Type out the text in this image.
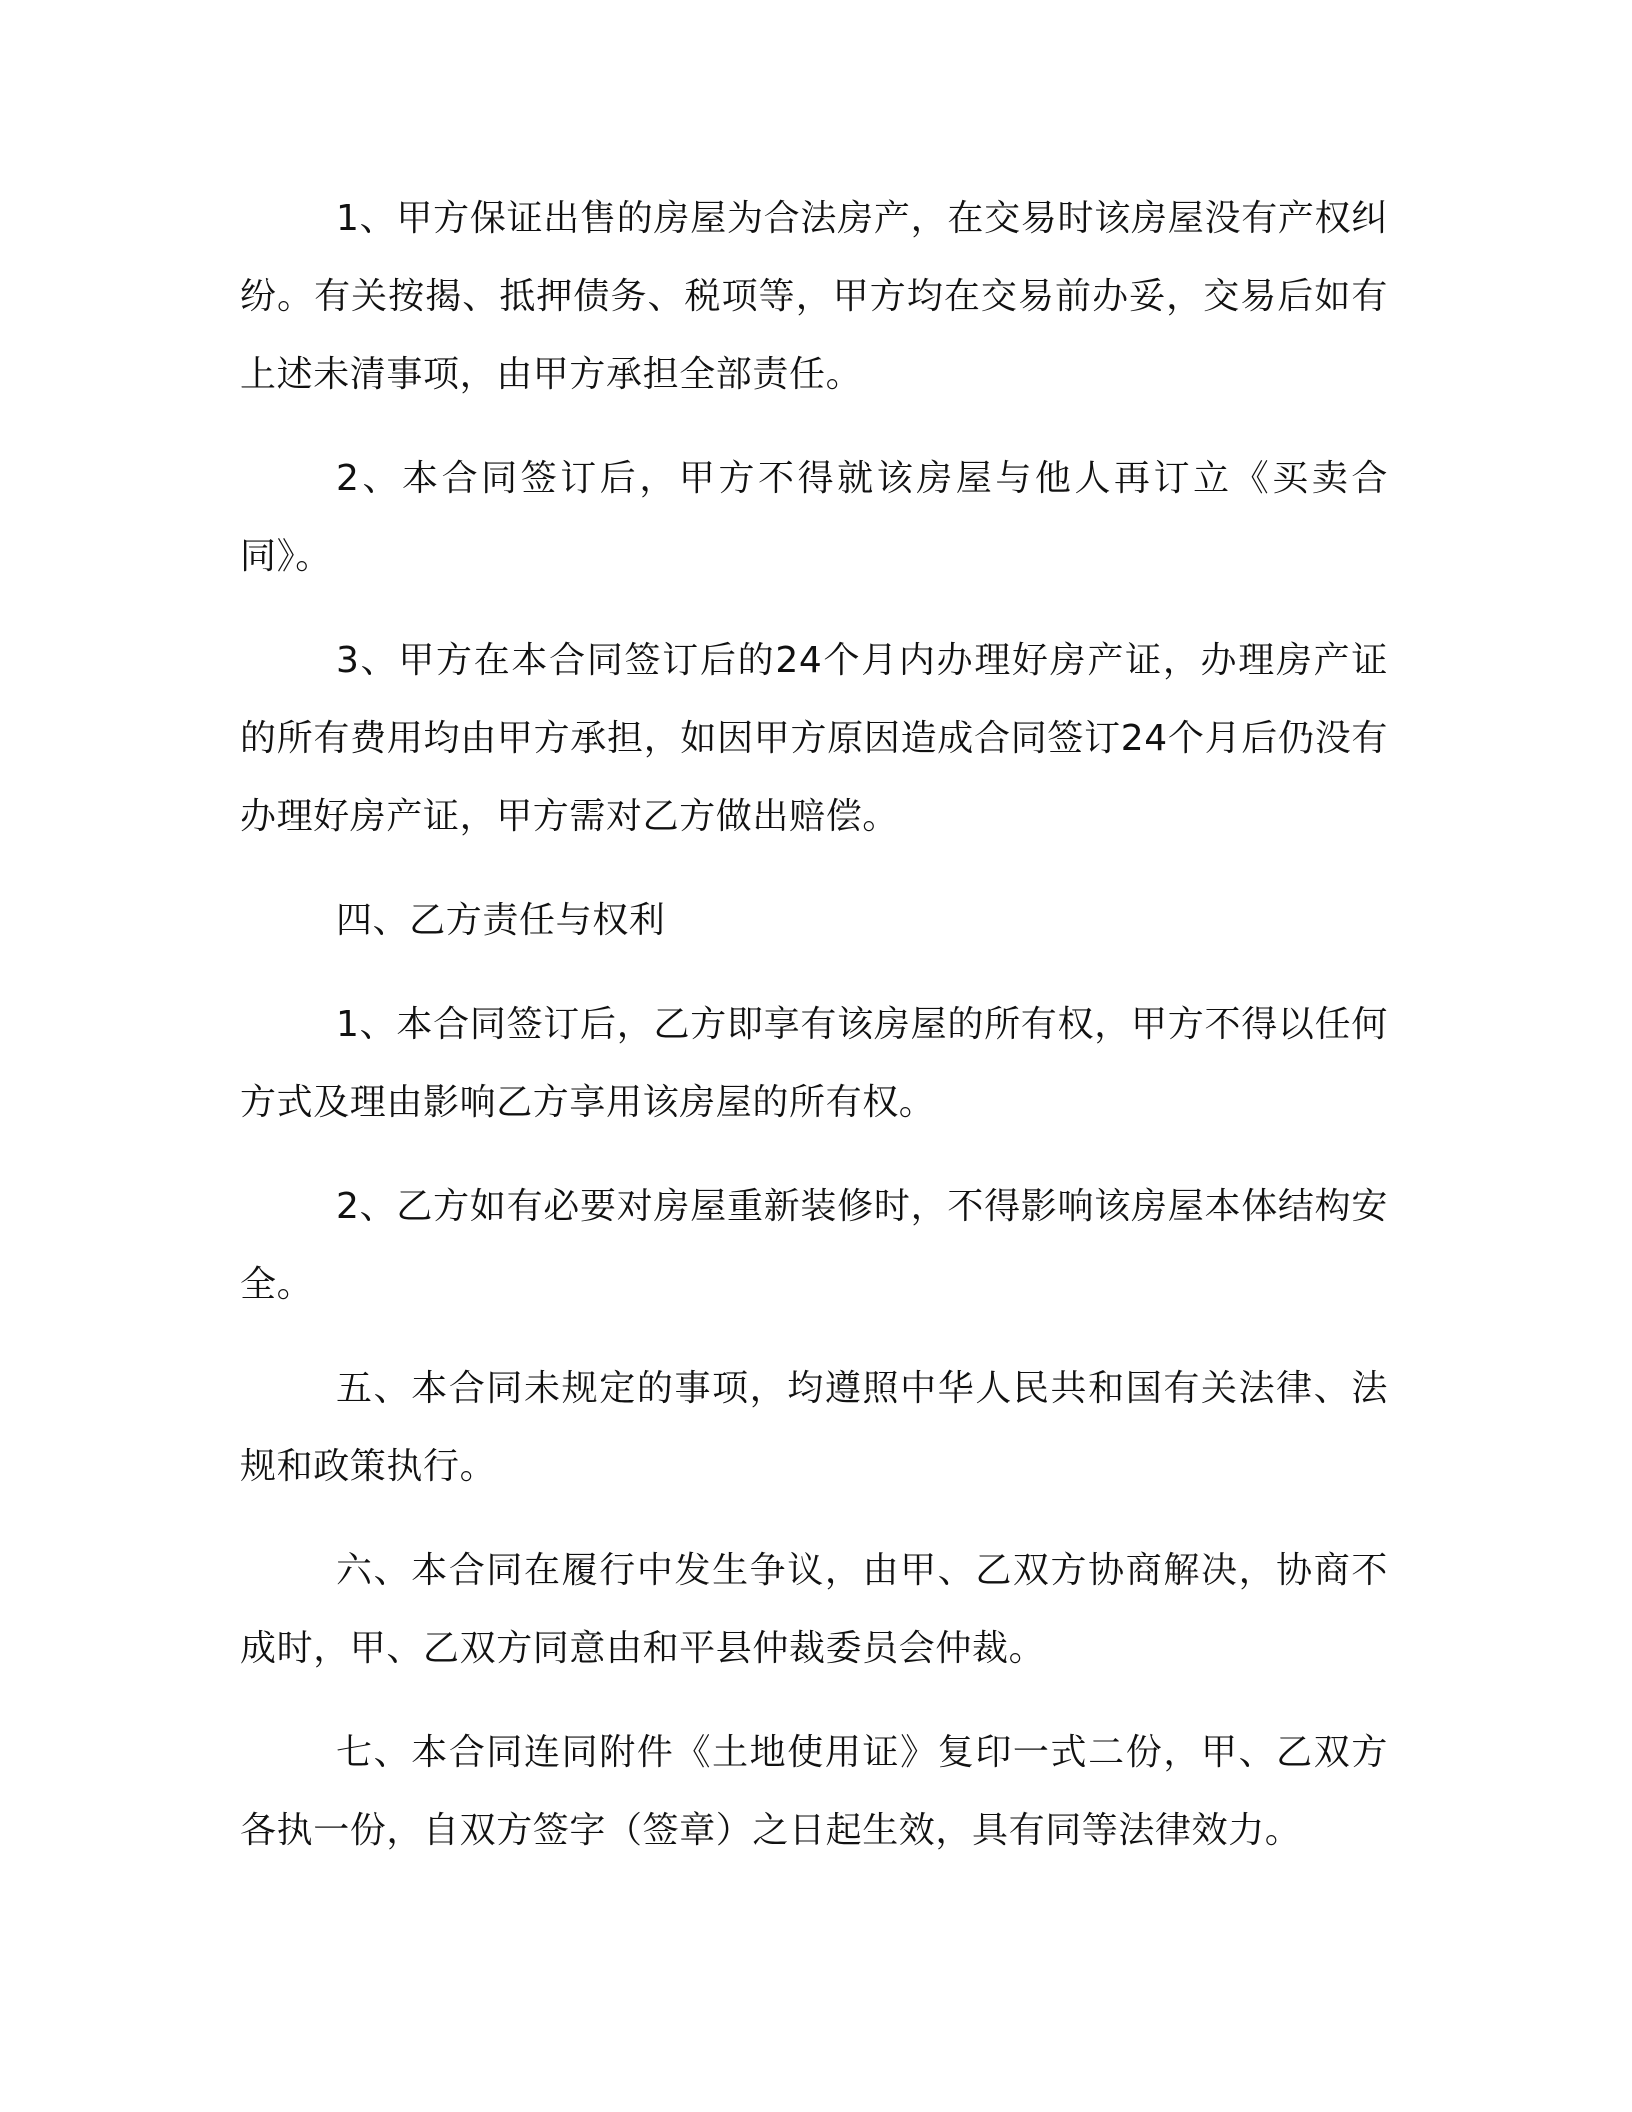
1、甲方保证出售的房屋为合法房产，在交易时该房屋没有产权纠纷。有关按揭、抵押债务、税项等，甲方均在交易前办妥，交易后如有上述未清事项，由甲方承担全部责任。

2、本合同签订后，甲方不得就该房屋与他人再订立《买卖合同》。

3、甲方在本合同签订后的24个月内办理好房产证，办理房产证的所有费用均由甲方承担，如因甲方原因造成合同签订24个月后仍没有办理好房产证，甲方需对乙方做出赔偿。

四、乙方责任与权利

1、本合同签订后，乙方即享有该房屋的所有权，甲方不得以任何方式及理由影响乙方享用该房屋的所有权。

2、乙方如有必要对房屋重新装修时，不得影响该房屋本体结构安全。

五、本合同未规定的事项，均遵照中华人民共和国有关法律、法规和政策执行。

六、本合同在履行中发生争议，由甲、乙双方协商解决，协商不成时，甲、乙双方同意由和平县仲裁委员会仲裁。

七、本合同连同附件《土地使用证》复印一式二份，甲、乙双方各执一份，自双方签字（签章）之日起生效，具有同等法律效力。
